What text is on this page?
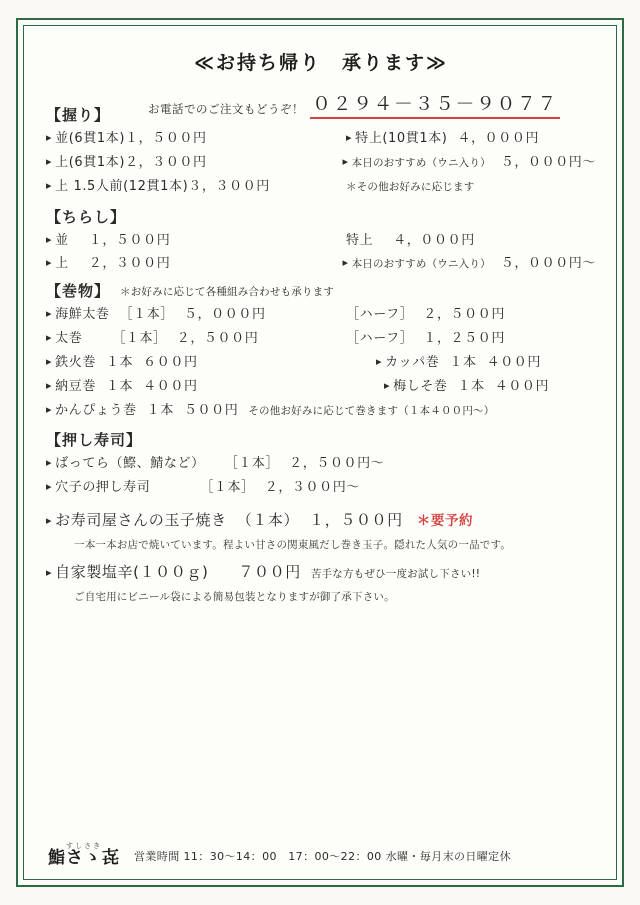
≪お持ち帰り　承ります≫
【握り】	お電話でのご注文もどうぞ！ ０２９４－３５－９０７７
▸ 並(6貫1本) １，５００円	▸ 特上(10貫1本) ４，０００円
▸ 上(6貫1本) ２，３００円	▸ 本日のおすすめ（ウニ入り） ５，０００円～
▸ 上 1.5人前(12貫1本) ３，３００円	＊その他お好みに応じます
【ちらし】
▸ 並 １，５００円	特上 ４，０００円
▸ 上 ２，３００円	▸ 本日のおすすめ（ウニ入り） ５，０００円～
【巻物】 ＊お好みに応じて各種組み合わせも承ります
▸ 海鮮太巻 ［１本］ ５，０００円	［ハーフ］ ２，５００円
▸ 太巻 ［１本］ ２，５００円	［ハーフ］ １，２５０円
▸ 鉄火巻 １本 ６００円	▸ カッパ巻 １本 ４００円
▸ 納豆巻 １本 ４００円	▸ 梅しそ巻 １本 ４００円
▸ かんぴょう巻 １本 ５００円 その他お好みに応じて巻きます（１本４００円～）
【押し寿司】
▸ ばってら（鰶、鯖など） ［１本］ ２，５００円～
▸ 穴子の押し寿司	［１本］ ２，３００円～
▸ お寿司屋さんの玉子焼き （１本） １，５００円 ＊要予約
一本一本お店で焼いています。程よい甘さの関東風だし巻き玉子。隠れた人気の一品です。
▸ 自家製塩辛(１００ｇ) ７００円 苦手な方もぜひ一度お試し下さい!!
ご自宅用にビニール袋による簡易包装となりますが御了承下さい。
すしさき
鮨さゝ㐂 営業時間 11：30～14：00　17：00～22：00 水曜・毎月末の日曜定休
